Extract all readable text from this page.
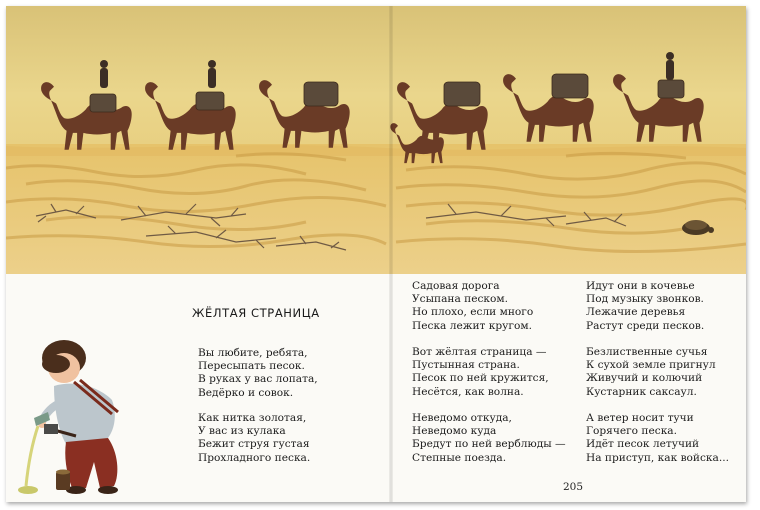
ЖЁЛТАЯ СТРАНИЦА
Вы любите, ребята,
Пересыпать песок.
В руках у вас лопата,
Ведёрко и совок.
Как нитка золотая,
У вас из кулака
Бежит струя густая
Прохладного песка.
Садовая дорога
Усыпана песком.
Но плохо, если много
Песка лежит кругом.
Вот жёлтая страница —
Пустынная страна.
Песок по ней кружится,
Несётся, как волна.
Неведомо откуда,
Неведомо куда
Бредут по ней верблюды —
Степные поезда.
Идут они в кочевье
Под музыку звонков.
Лежачие деревья
Растут среди песков.
Безлиственные сучья
К сухой земле пригнул
Живучий и колючий
Кустарник саксаул.
А ветер носит тучи
Горячего песка.
Идёт песок летучий
На приступ, как войска...
205
